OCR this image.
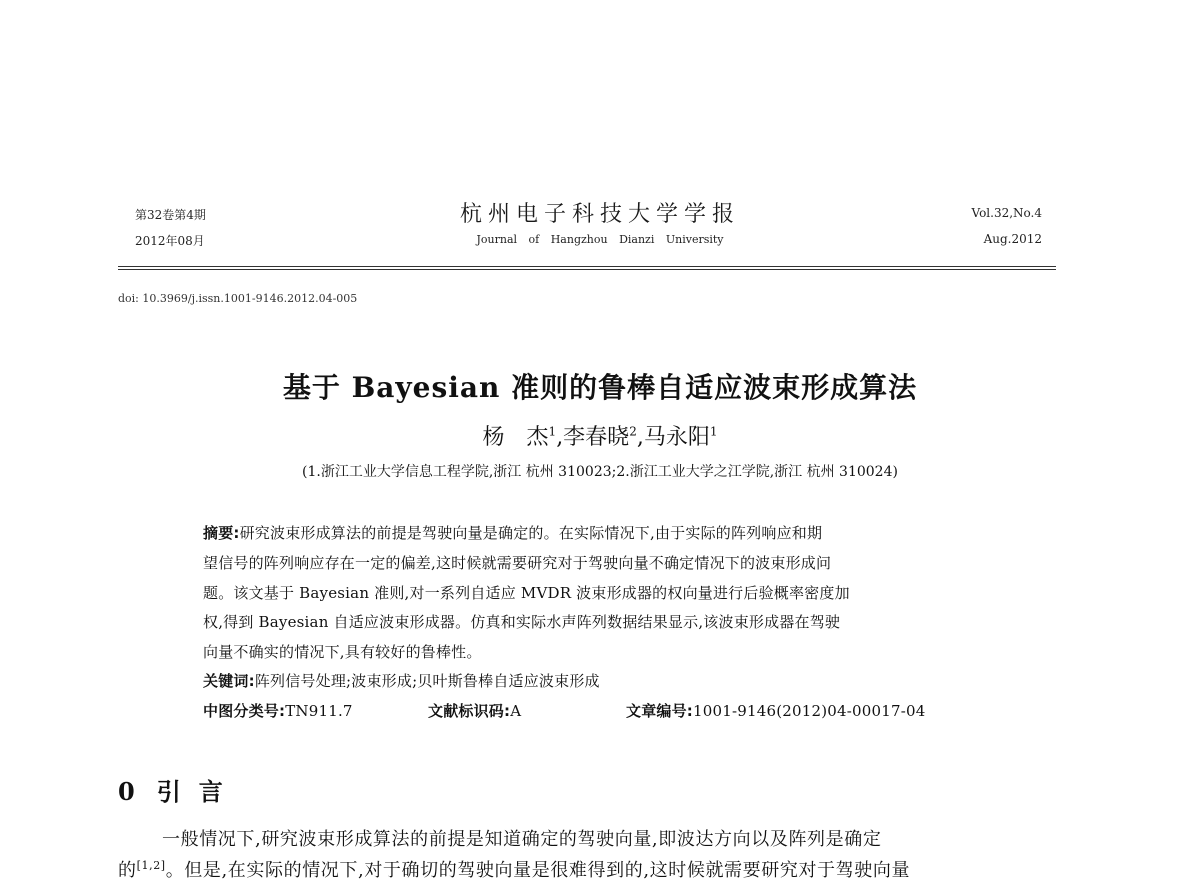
第32卷第4期
2012年08月
杭州电子科技大学学报
Journal of Hangzhou Dianzi University
Vol.32,No.4
Aug.2012
doi: 10.3969/j.issn.1001-9146.2012.04-005
基于 Bayesian 准则的鲁棒自适应波束形成算法
杨　杰$^1$,李春晓$^2$,马永阳$^1$
(1.浙江工业大学信息工程学院,浙江 杭州 310023;2.浙江工业大学之江学院,浙江 杭州 310024)
摘要:研究波束形成算法的前提是驾驶向量是确定的。在实际情况下,由于实际的阵列响应和期
望信号的阵列响应存在一定的偏差,这时候就需要研究对于驾驶向量不确定情况下的波束形成问
题。该文基于 Bayesian 准则,对一系列自适应 MVDR 波束形成器的权向量进行后验概率密度加
权,得到 Bayesian 自适应波束形成器。仿真和实际水声阵列数据结果显示,该波束形成器在驾驶
向量不确实的情况下,具有较好的鲁棒性。
关键词:阵列信号处理;波束形成;贝叶斯鲁棒自适应波束形成
中图分类号:TN911.7	文献标识码:A	文章编号:1001-9146(2012)04-00017-04
0 引言
一般情况下,研究波束形成算法的前提是知道确定的驾驶向量,即波达方向以及阵列是确定
的[1,2]。但是,在实际的情况下,对于确切的驾驶向量是很难得到的,这时候就需要研究对于驾驶向量
